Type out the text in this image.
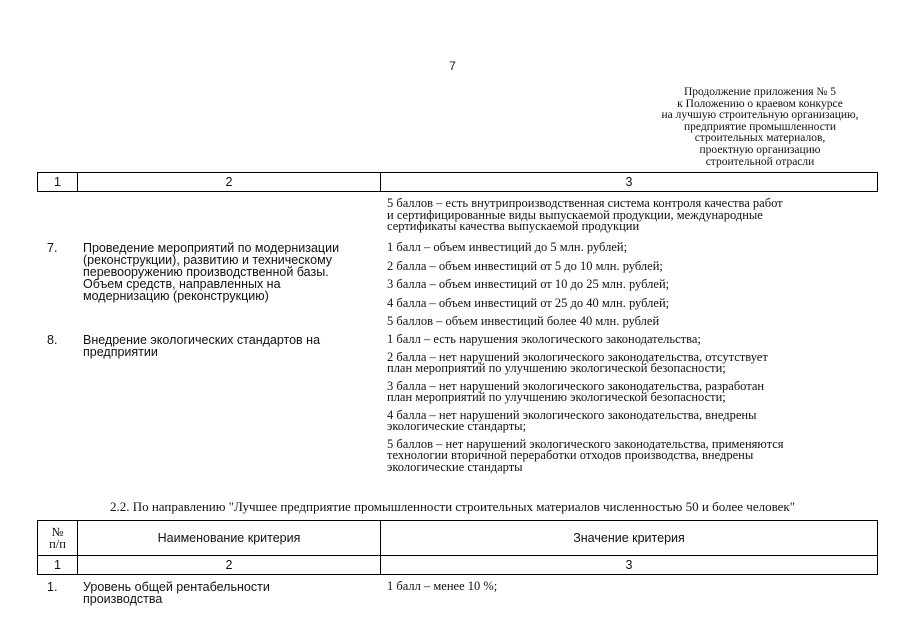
7
Продолжение приложения № 5
к Положению о краевом конкурсе
на лучшую строительную организацию,
предприятие промышленности
строительных материалов,
проектную организацию
строительной отрасли
1	2	3
5 баллов – есть внутрипроизводственная система контроля качества работ
и сертифицированные виды выпускаемой продукции, международные
сертификаты качества выпускаемой продукции
7. Проведение мероприятий по модернизации
(реконструкции), развитию и техническому
перевооружению производственной базы.
Объем средств, направленных на
модернизацию (реконструкцию)
1 балл – объем инвестиций до 5 млн. рублей;
2 балла – объем инвестиций от 5 до 10 млн. рублей;
3 балла – объем инвестиций от 10 до 25 млн. рублей;
4 балла – объем инвестиций от 25 до 40 млн. рублей;
5 баллов – объем инвестиций более 40 млн. рублей
8. Внедрение экологических стандартов на
предприятии
1 балл – есть нарушения экологического законодательства;
2 балла – нет нарушений экологического законодательства, отсутствует
план мероприятий по улучшению экологической безопасности;
3 балла – нет нарушений экологического законодательства, разработан
план мероприятий по улучшению экологической безопасности;
4 балла – нет нарушений экологического законодательства, внедрены
экологические стандарты;
5 баллов – нет нарушений экологического законодательства, применяются
технологии вторичной переработки отходов производства, внедрены
экологические стандарты
2.2. По направлению "Лучшее предприятие промышленности строительных материалов численностью 50 и более человек"
№
п/п	Наименование критерия	Значение критерия
1	2	3
1. Уровень общей рентабельности
производства
1 балл – менее 10 %;
